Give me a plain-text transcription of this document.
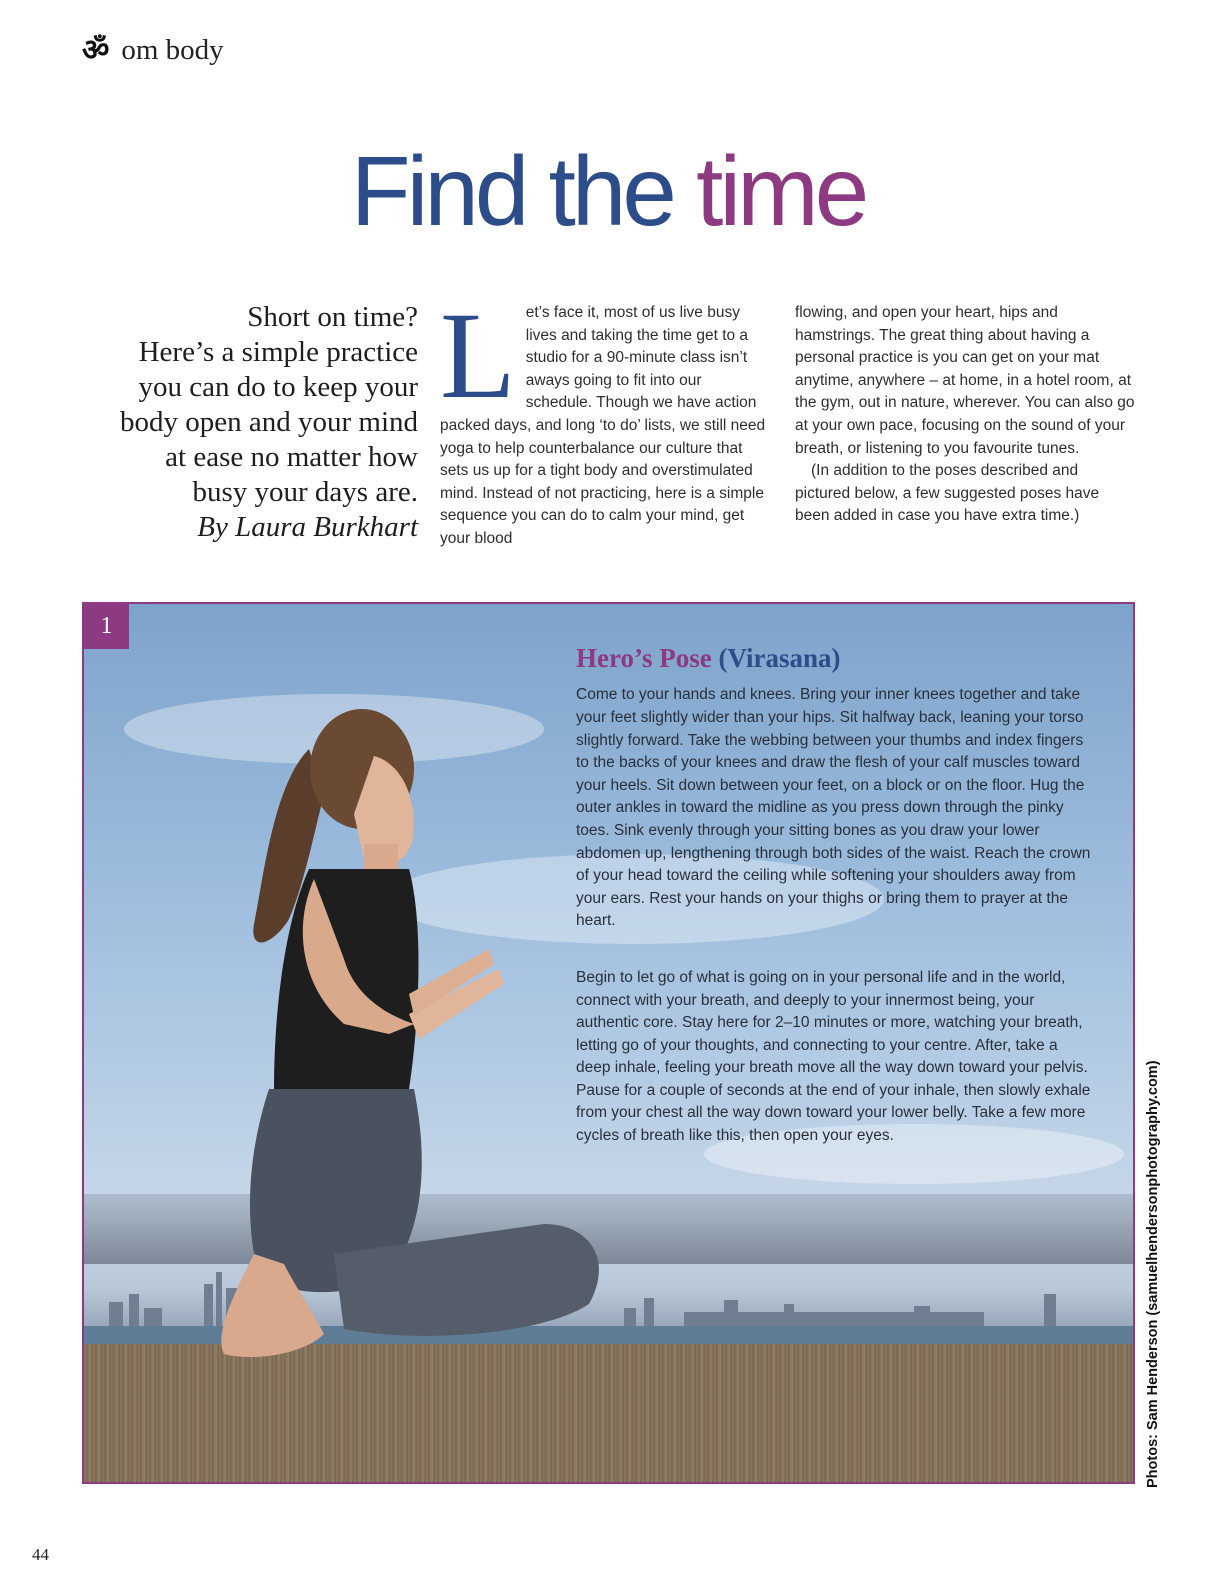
ॐ om body
Find the time
Short on time?
Here’s a simple practice
you can do to keep your
body open and your mind
at ease no matter how
busy your days are.
By Laura Burkhart
L et’s face it, most of us live busy lives and taking the time get to a studio for a 90-minute class isn’t aways going to fit into our schedule. Though we have action packed days, and long ‘to do’ lists, we still need yoga to help counterbalance our culture that sets us up for a tight body and overstimulated mind. Instead of not practicing, here is a simple sequence you can do to calm your mind, get your blood

flowing, and open your heart, hips and hamstrings. The great thing about having a personal practice is you can get on your mat anytime, anywhere – at home, in a hotel room, at the gym, out in nature, wherever. You can also go at your own pace, focusing on the sound of your breath, or listening to you favourite tunes.

(In addition to the poses described and pictured below, a few suggested poses have been added in case you have extra time.)

1
Hero’s Pose (Virasana)

Come to your hands and knees. Bring your inner knees together and take your feet slightly wider than your hips. Sit halfway back, leaning your torso slightly forward. Take the webbing between your thumbs and index fingers to the backs of your knees and draw the flesh of your calf muscles toward your heels. Sit down between your feet, on a block or on the floor. Hug the outer ankles in toward the midline as you press down through the pinky toes. Sink evenly through your sitting bones as you draw your lower abdomen up, lengthening through both sides of the waist. Reach the crown of your head toward the ceiling while softening your shoulders away from your ears. Rest your hands on your thighs or bring them to prayer at the heart.

Begin to let go of what is going on in your personal life and in the world, connect with your breath, and deeply to your innermost being, your authentic core. Stay here for 2–10 minutes or more, watching your breath, letting go of your thoughts, and connecting to your centre. After, take a deep inhale, feeling your breath move all the way down toward your pelvis. Pause for a couple of seconds at the end of your inhale, then slowly exhale from your chest all the way down toward your lower belly. Take a few more cycles of breath like this, then open your eyes.	Photos: Sam Henderson (samuelhendersonphotography.com)
44
